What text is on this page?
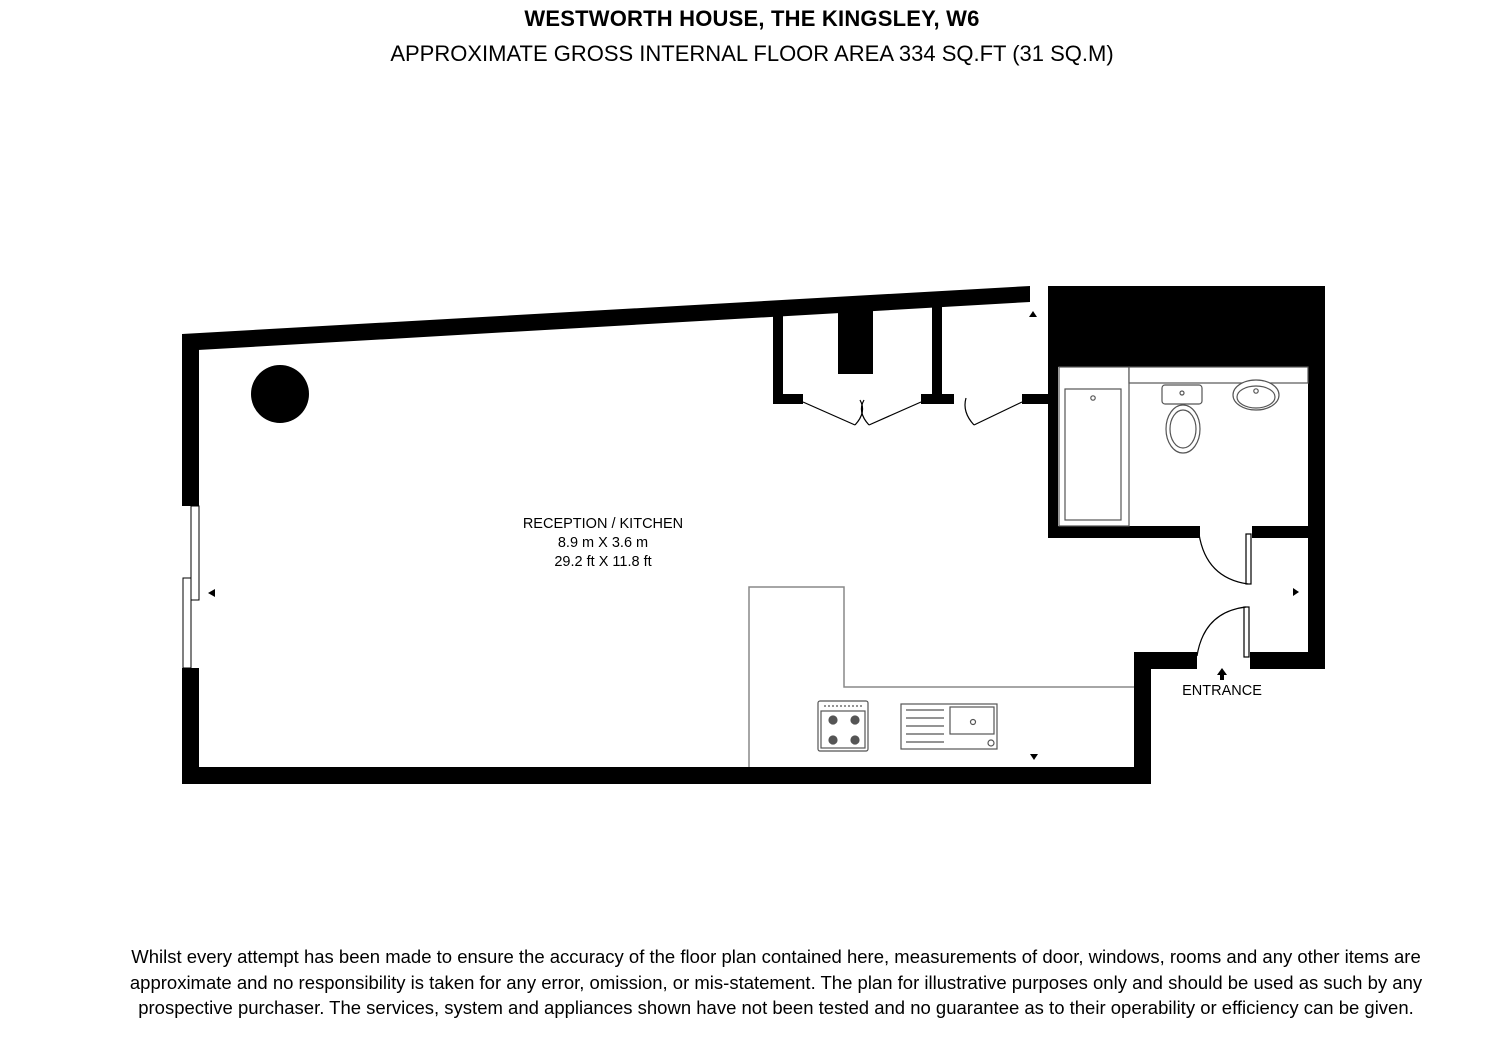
WESTWORTH HOUSE, THE KINGSLEY, W6
APPROXIMATE GROSS INTERNAL FLOOR AREA 334 SQ.FT (31 SQ.M)
RECEPTION / KITCHEN
8.9 m X 3.6 m
29.2 ft X 11.8 ft
ENTRANCE
Whilst every attempt has been made to ensure the accuracy of the floor plan contained here, measurements of door, windows, rooms and any other items are approximate and no responsibility is taken for any error, omission, or mis-statement. The plan for illustrative purposes only and should be used as such by any prospective purchaser. The services, system and appliances shown have not been tested and no guarantee as to their operability or efficiency can be given.
